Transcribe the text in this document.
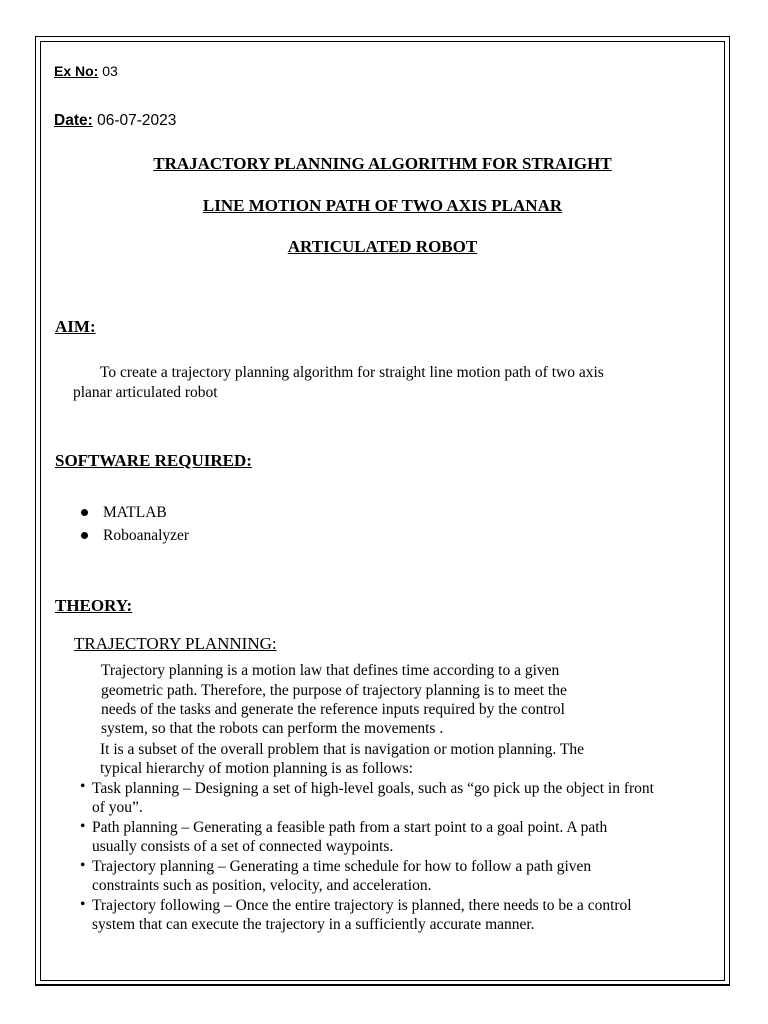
Ex No: 03
Date: 06-07-2023
TRAJACTORY PLANNING ALGORITHM FOR STRAIGHT
LINE MOTION PATH OF TWO AXIS PLANAR
ARTICULATED ROBOT
AIM:
To create a trajectory planning algorithm for straight line motion path of two axis
planar articulated robot
SOFTWARE REQUIRED:
MATLAB
Roboanalyzer
THEORY:
TRAJECTORY PLANNING:
Trajectory planning is a motion law that defines time according to a given
geometric path. Therefore, the purpose of trajectory planning is to meet the
needs of the tasks and generate the reference inputs required by the control
system, so that the robots can perform the movements .
It is a subset of the overall problem that is navigation or motion planning. The
typical hierarchy of motion planning is as follows:
• Task planning – Designing a set of high-level goals, such as “go pick up the object in front
of you”.
• Path planning – Generating a feasible path from a start point to a goal point. A path
usually consists of a set of connected waypoints.
• Trajectory planning – Generating a time schedule for how to follow a path given
constraints such as position, velocity, and acceleration.
• Trajectory following – Once the entire trajectory is planned, there needs to be a control
system that can execute the trajectory in a sufficiently accurate manner.
